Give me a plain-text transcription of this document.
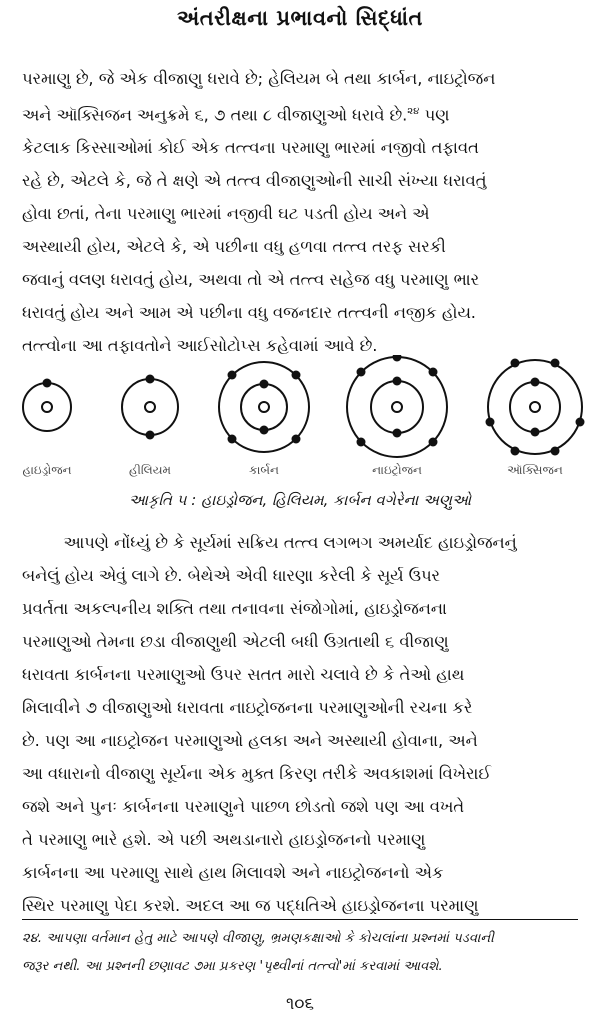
અંતરીક્ષના પ્રભાવનો સિદ્ધાંત
પરમાણુ છે, જે એક વીજાણુ ધરાવે છે; હેલિયમ બે તથા કાર્બન, નાઇટ્રોજન
અને ઑક્સિજન અનુક્રમે ૬, ૭ તથા ૮ વીજાણુઓ ધરાવે છે.$^{૨૪}$ પણ
કેટલાક કિસ્સાઓમાં કોઈ એક તત્ત્વના પરમાણુ ભારમાં નજીવો તફાવત
રહે છે, એટલે કે, જે તે ક્ષણે એ તત્ત્વ વીજાણુઓની સાચી સંખ્યા ધરાવતું
હોવા છતાં, તેના પરમાણુ ભારમાં નજીવી ઘટ પડતી હોય અને એ
અસ્થાયી હોય, એટલે કે, એ પછીના વધુ હળવા તત્ત્વ તરફ સરકી
જવાનું વલણ ધરાવતું હોય, અથવા તો એ તત્ત્વ સહેજ વધુ પરમાણુ ભાર
ધરાવતું હોય અને આમ એ પછીના વધુ વજનદાર તત્ત્વની નજીક હોય.
તત્ત્વોના આ તફાવતોને આઈસોટોપ્સ કહેવામાં આવે છે.
હાઇડ્રોજન	હીલિયમ	કાર્બન	નાઇટ્રોજન	ઑક્સિજન
આકૃતિ ૫ : હાઇડ્રોજન, હિલિયમ, કાર્બન વગેરેના અણુઓ
આપણે નોંધ્યું છે કે સૂર્યમાં સક્રિય તત્ત્વ લગભગ અમર્યાદ હાઇડ્રોજનનું
બનેલું હોય એવું લાગે છે. બેથેએ એવી ધારણા કરેલી કે સૂર્ય ઉપર
પ્રવર્તતા અકલ્પનીય શક્તિ તથા તનાવના સંજોગોમાં, હાઇડ્રોજનના
પરમાણુઓ તેમના છડા વીજાણુથી એટલી બધી ઉગ્રતાથી ૬ વીજાણુ
ધરાવતા કાર્બનના પરમાણુઓ ઉપર સતત મારો ચલાવે છે કે તેઓ હાથ
મિલાવીને ૭ વીજાણુઓ ધરાવતા નાઇટ્રોજનના પરમાણુઓની રચના કરે
છે. પણ આ નાઇટ્રોજન પરમાણુઓ હલકા અને અસ્થાયી હોવાના, અને
આ વધારાનો વીજાણુ સૂર્યના એક મુક્ત કિરણ તરીકે અવકાશમાં વિખેરાઈ
જશે અને પુનઃ કાર્બનના પરમાણુને પાછળ છોડતો જશે પણ આ વખતે
તે પરમાણુ ભારે હશે. એ પછી અથડાનારો હાઇડ્રોજનનો પરમાણુ
કાર્બનના આ પરમાણુ સાથે હાથ મિલાવશે અને નાઇટ્રોજનનો એક
સ્થિર પરમાણુ પેદા કરશે. અદલ આ જ પદ્ધતિએ હાઇડ્રોજનના પરમાણુ
૨૪. આપણા વર્તમાન હેતુ માટે આપણે વીજાણુ, ભ્રમણકક્ષાઓ કે કોચલાંના પ્રશ્નમાં પડવાની
જરૂર નથી. આ પ્રશ્નની છણાવટ ૭મા પ્રકરણ 'પૃથ્વીનાં તત્ત્વો'માં કરવામાં આવશે.
૧૦૬
